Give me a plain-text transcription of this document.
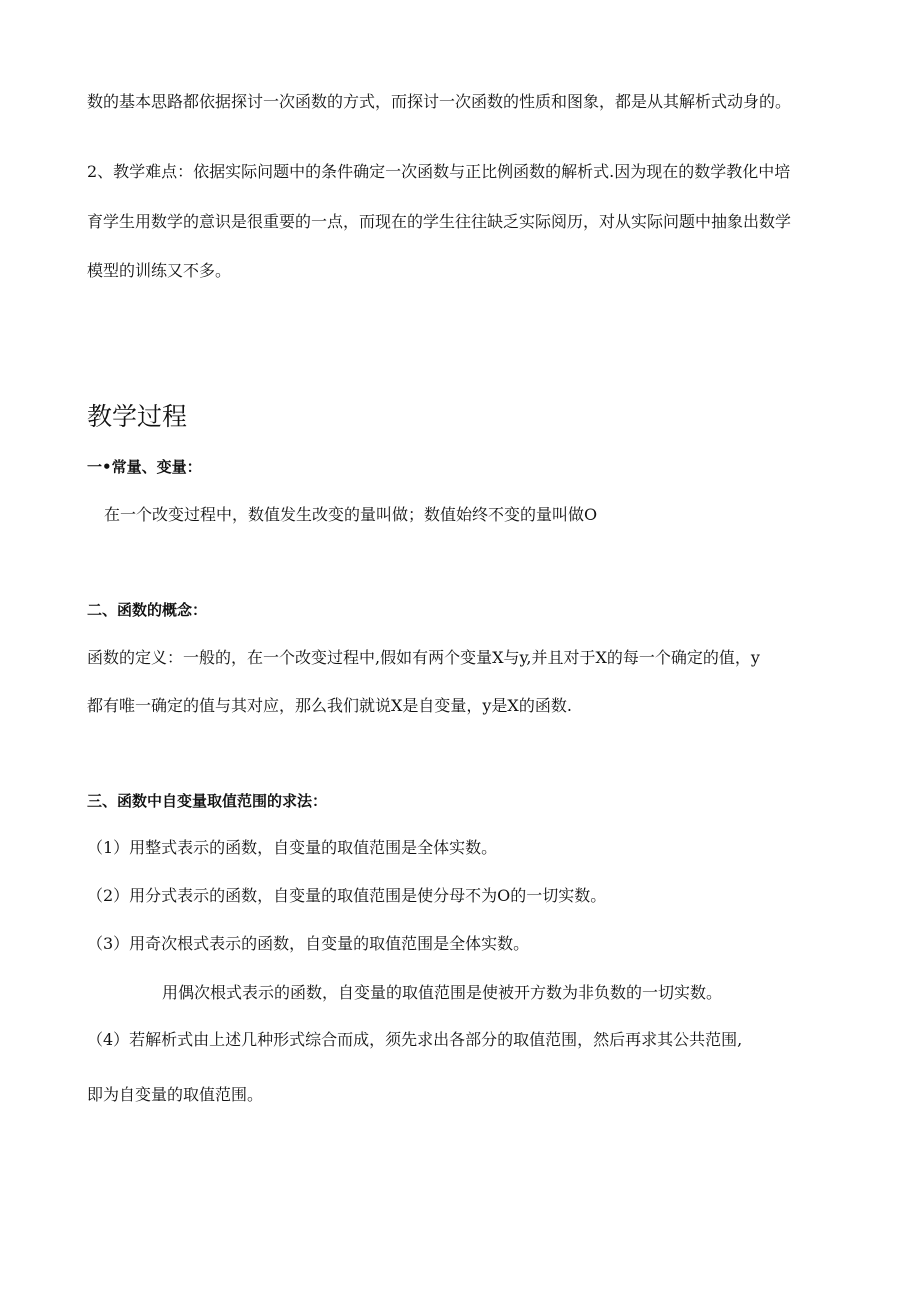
数的基本思路都依据探讨一次函数的方式，而探讨一次函数的性质和图象，都是从其解析式动身的。

2、教学难点：依据实际问题中的条件确定一次函数与正比例函数的解析式.因为现在的数学教化中培

育学生用数学的意识是很重要的一点，而现在的学生往往缺乏实际阅历，对从实际问题中抽象出数学

模型的训练又不多。

教学过程

一•常量、变量：

在一个改变过程中，数值发生改变的量叫做；数值始终不变的量叫做O

二、函数的概念：

函数的定义：一般的，在一个改变过程中,假如有两个变量X与y,并且对于X的每一个确定的值，y

都有唯一确定的值与其对应，那么我们就说X是自变量，y是X的函数.

三、函数中自变量取值范围的求法：

（1）用整式表示的函数，自变量的取值范围是全体实数。

（2）用分式表示的函数，自变量的取值范围是使分母不为O的一切实数。

（3）用奇次根式表示的函数，自变量的取值范围是全体实数。

用偶次根式表示的函数，自变量的取值范围是使被开方数为非负数的一切实数。

（4）若解析式由上述几种形式综合而成，须先求出各部分的取值范围，然后再求其公共范围,

即为自变量的取值范围。
